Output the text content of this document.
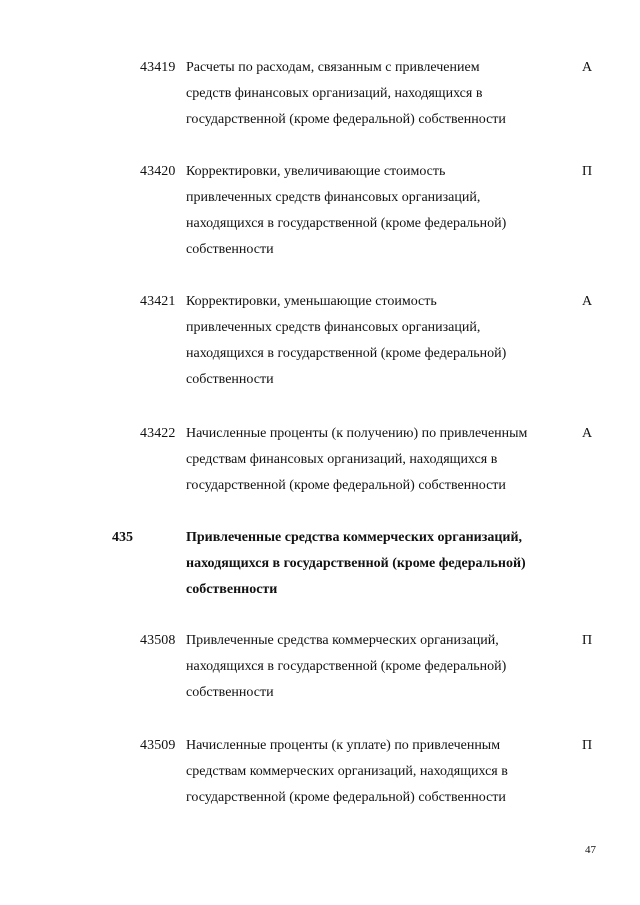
43419 Расчеты по расходам, связанным с привлечением
средств финансовых организаций, находящихся в
государственной (кроме федеральной) собственности
А
43420 Корректировки, увеличивающие стоимость
привлеченных средств финансовых организаций,
находящихся в государственной (кроме федеральной)
собственности
П
43421 Корректировки, уменьшающие стоимость
привлеченных средств финансовых организаций,
находящихся в государственной (кроме федеральной)
собственности
А
43422 Начисленные проценты (к получению) по привлеченным
средствам финансовых организаций, находящихся в
государственной (кроме федеральной) собственности
А
435	Привлеченные средства коммерческих организаций,
находящихся в государственной (кроме федеральной)
собственности
43508 Привлеченные средства коммерческих организаций,
находящихся в государственной (кроме федеральной)
собственности
П
43509 Начисленные проценты (к уплате) по привлеченным
средствам коммерческих организаций, находящихся в
государственной (кроме федеральной) собственности
П
47
